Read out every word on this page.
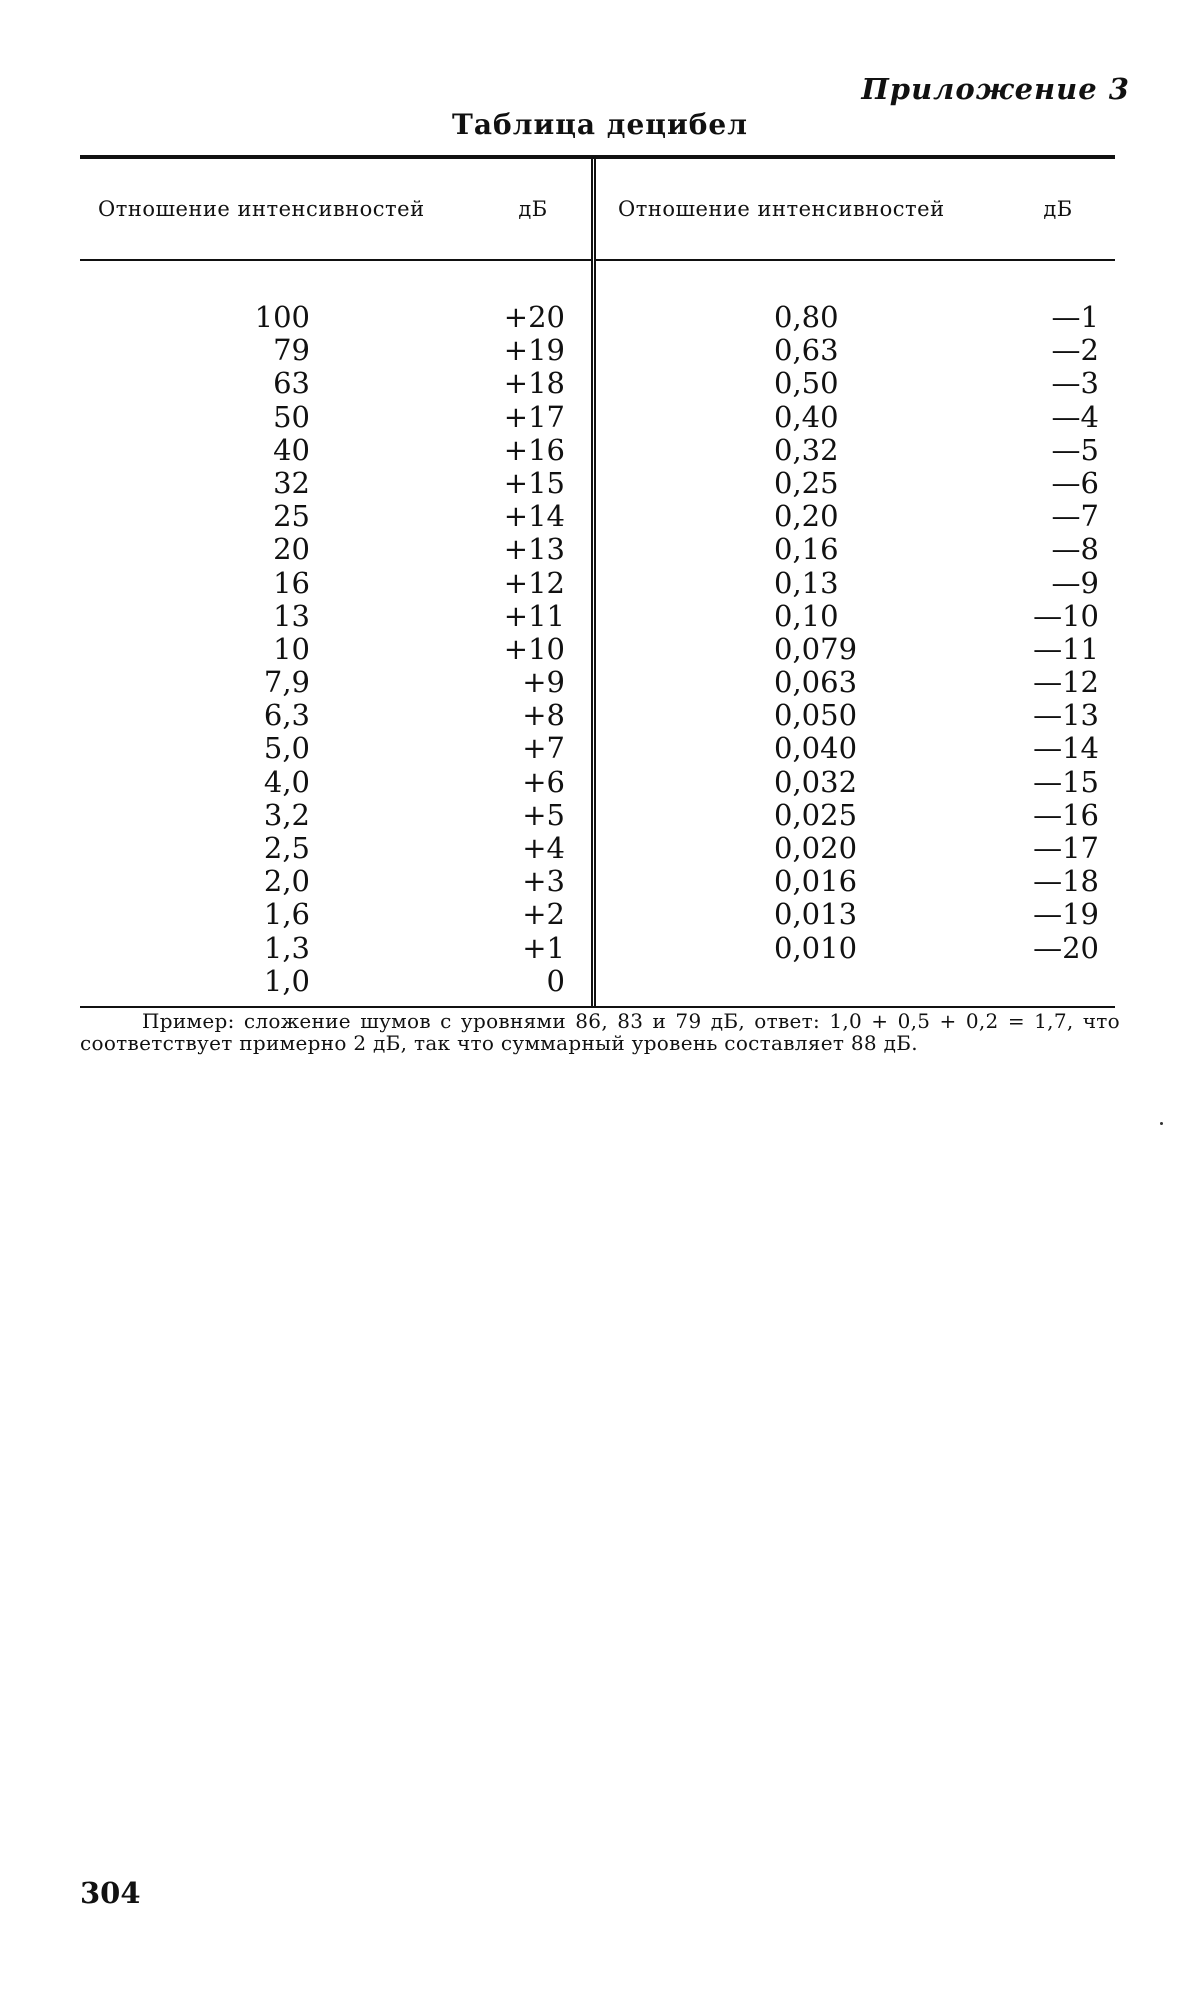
Приложение 3
Таблица децибел
Отношение интенсивностей	дБ
100	+20
79	+19
63	+18
50	+17
40	+16
32	+15
25	+14
20	+13
16	+12
13	+11
10	+10
7,9	+9
6,3	+8
5,0	+7
4,0	+6
3,2	+5
2,5	+4
2,0	+3
1,6	+2
1,3	+1
1,0	0
Отношение интенсивностей	дБ
0,80	—1
0,63	—2
0,50	—3
0,40	—4
0,32	—5
0,25	—6
0,20	—7
0,16	—8
0,13	—9
0,10	—10
0,079	—11
0,063	—12
0,050	—13
0,040	—14
0,032	—15
0,025	—16
0,020	—17
0,016	—18
0,013	—19
0,010	—20
Пример: сложение шумов с уровнями 86, 83 и 79 дБ, ответ: 1,0 + 0,5 + 0,2 = 1,7, что соответствует примерно 2 дБ, так что суммарный уровень составляет 88 дБ.
304
